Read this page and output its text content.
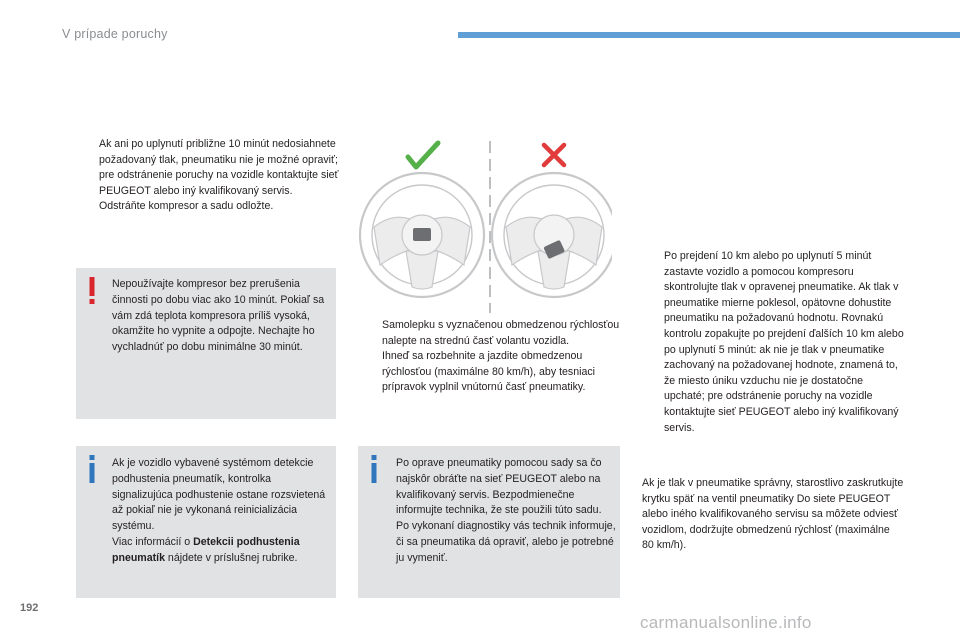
V prípade poruchy
Ak ani po uplynutí približne 10 minút nedosiahnete požadovaný tlak, pneumatiku nie je možné opraviť; pre odstránenie poruchy na vozidle kontaktujte sieť PEUGEOT alebo iný kvalifikovaný servis.
Odstráňte kompresor a sadu odložte.
Nepoužívajte kompresor bez prerušenia činnosti po dobu viac ako 10 minút. Pokiaľ sa vám zdá teplota kompresora príliš vysoká, okamžite ho vypnite a odpojte. Nechajte ho vychladnúť po dobu minimálne 30 minút.
Ak je vozidlo vybavené systémom detekcie podhustenia pneumatík, kontrolka signalizujúca podhustenie ostane rozsvietená až pokiaľ nie je vykonaná reinicializácia systému.
Viac informácií o Detekcii podhustenia pneumatík nájdete v príslušnej rubrike.
Samolepku s vyznačenou obmedzenou rýchlosťou nalepte na strednú časť volantu vozidla.
Ihneď sa rozbehnite a jazdite obmedzenou rýchlosťou (maximálne 80 km/h), aby tesniaci prípravok vyplnil vnútornú časť pneumatiky.
Po oprave pneumatiky pomocou sady sa čo najskôr obráťte na sieť PEUGEOT alebo na kvalifikovaný servis. Bezpodmienečne informujte technika, že ste použili túto sadu. Po vykonaní diagnostiky vás technik informuje, či sa pneumatika dá opraviť, alebo je potrebné ju vymeniť.
Po prejdení 10 km alebo po uplynutí 5 minút zastavte vozidlo a pomocou kompresoru skontrolujte tlak v opravenej pneumatike. Ak tlak v pneumatike mierne poklesol, opätovne dohustite pneumatiku na požadovanú hodnotu. Rovnakú kontrolu zopakujte po prejdení ďalších 10 km alebo po uplynutí 5 minút: ak nie je tlak v pneumatike zachovaný na požadovanej hodnote, znamená to, že miesto úniku vzduchu nie je dostatočne upchaté; pre odstránenie poruchy na vozidle kontaktujte sieť PEUGEOT alebo iný kvalifikovaný servis.
Ak je tlak v pneumatike správny, starostlivo zaskrutkujte krytku späť na ventil pneumatiky Do siete PEUGEOT alebo iného kvalifikovaného servisu sa môžete odviesť vozidlom, dodržujte obmedzenú rýchlosť (maximálne 80 km/h).
192
carmanualsonline.info
